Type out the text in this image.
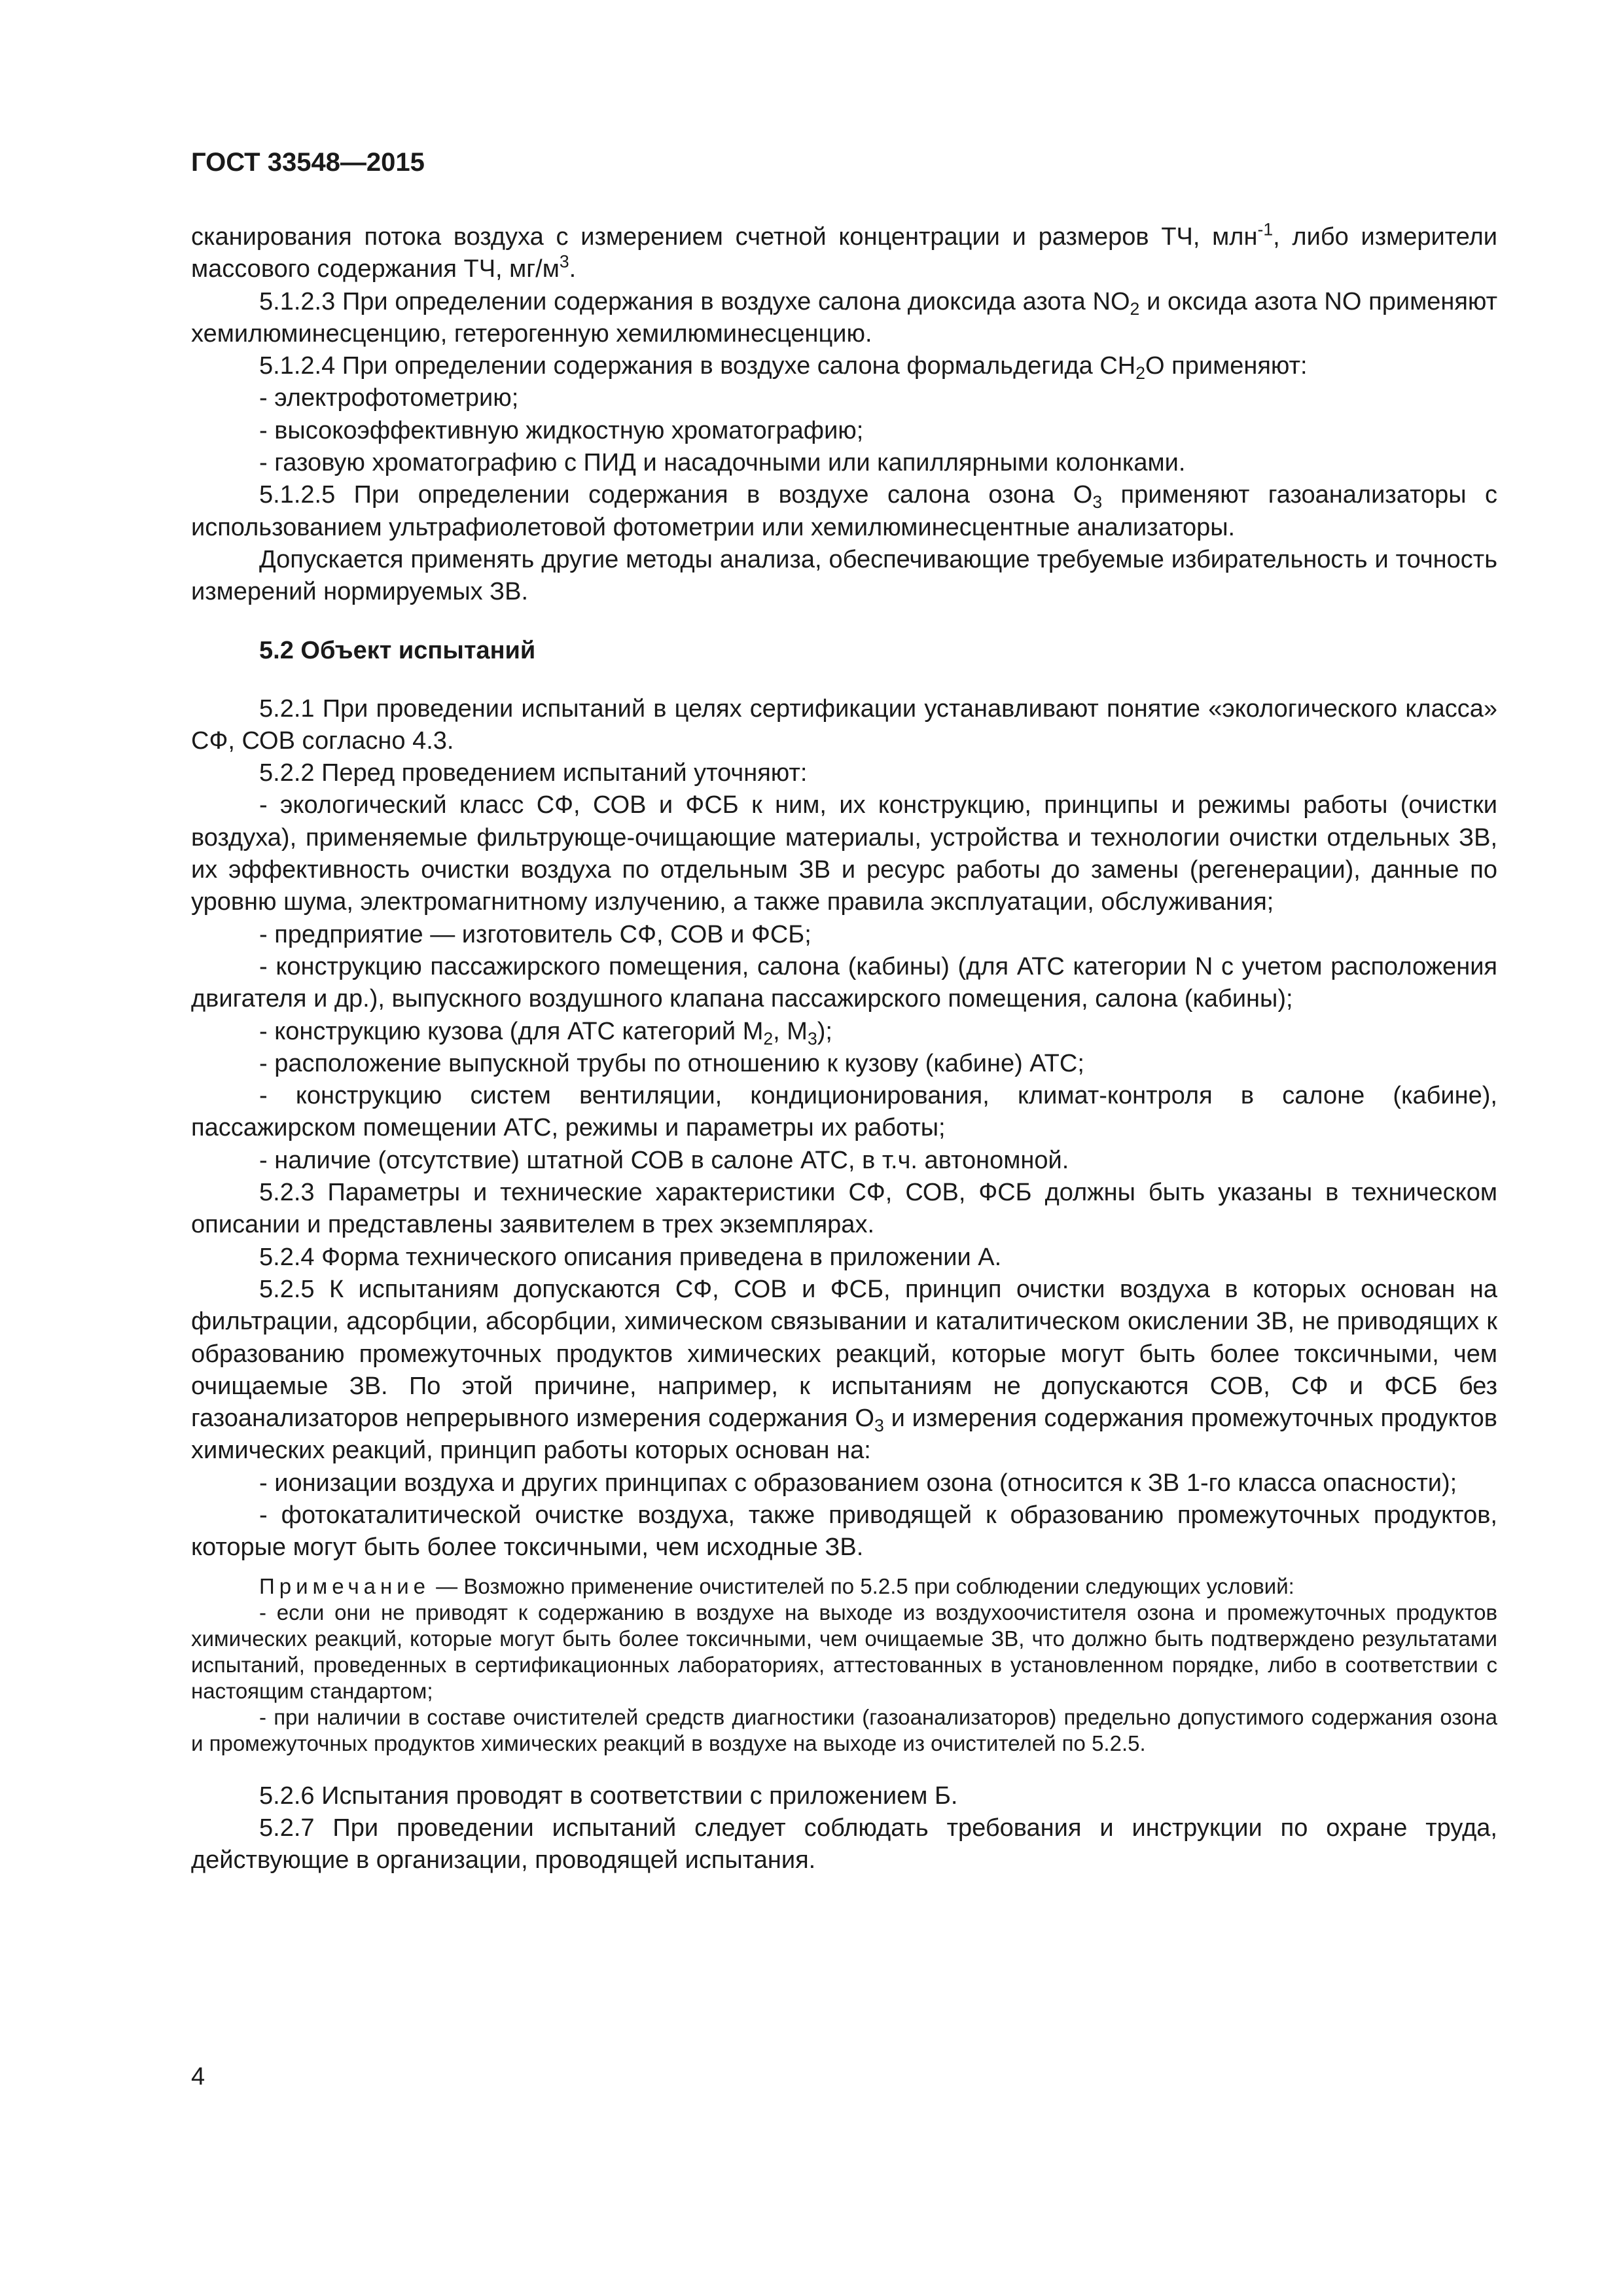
ГОСТ 33548—2015

сканирования потока воздуха с измерением счетной концентрации и размеров ТЧ, млн$^{-1}$, либо измерители массового содержания ТЧ, $мг/м^3$.

5.1.2.3 При определении содержания в воздухе салона диоксида азота $NO_2$ и оксида азота NO применяют хемилюминесценцию, гетерогенную хемилюминесценцию.

5.1.2.4 При определении содержания в воздухе салона формальдегида $CH_2O$ применяют:

- электрофотометрию;

- высокоэффективную жидкостную хроматографию;

- газовую хроматографию с ПИД и насадочными или капиллярными колонками.

5.1.2.5 При определении содержания в воздухе салона озона $O_3$ применяют газоанализаторы с использованием ультрафиолетовой фотометрии или хемилюминесцентные анализаторы.

Допускается применять другие методы анализа, обеспечивающие требуемые избирательность и точность измерений нормируемых ЗВ.

5.2 Объект испытаний

5.2.1 При проведении испытаний в целях сертификации устанавливают понятие «экологического класса» СФ, СОВ согласно 4.3.

5.2.2 Перед проведением испытаний уточняют:

- экологический класс СФ, СОВ и ФСБ к ним, их конструкцию, принципы и режимы работы (очистки воздуха), применяемые фильтрующе-очищающие материалы, устройства и технологии очистки отдельных ЗВ, их эффективность очистки воздуха по отдельным ЗВ и ресурс работы до замены (регенерации), данные по уровню шума, электромагнитному излучению, а также правила эксплуатации, обслуживания;

- предприятие — изготовитель СФ, СОВ и ФСБ;

- конструкцию пассажирского помещения, салона (кабины) (для АТС категории N с учетом расположения двигателя и др.), выпускного воздушного клапана пассажирского помещения, салона (кабины);

- конструкцию кузова (для АТС категорий $M_2$, $M_3$);

- расположение выпускной трубы по отношению к кузову (кабине) АТС;

- конструкцию систем вентиляции, кондиционирования, климат-контроля в салоне (кабине), пассажирском помещении АТС, режимы и параметры их работы;

- наличие (отсутствие) штатной СОВ в салоне АТС, в т.ч. автономной.

5.2.3 Параметры и технические характеристики СФ, СОВ, ФСБ должны быть указаны в техническом описании и представлены заявителем в трех экземплярах.

5.2.4 Форма технического описания приведена в приложении А.

5.2.5 К испытаниям допускаются СФ, СОВ и ФСБ, принцип очистки воздуха в которых основан на фильтрации, адсорбции, абсорбции, химическом связывании и каталитическом окислении ЗВ, не приводящих к образованию промежуточных продуктов химических реакций, которые могут быть более токсичными, чем очищаемые ЗВ. По этой причине, например, к испытаниям не допускаются СОВ, СФ и ФСБ без газоанализаторов непрерывного измерения содержания $O_3$ и измерения содержания промежуточных продуктов химических реакций, принцип работы которых основан на:

- ионизации воздуха и других принципах с образованием озона (относится к ЗВ 1-го класса опасности);

- фотокаталитической очистке воздуха, также приводящей к образованию промежуточных продуктов, которые могут быть более токсичными, чем исходные ЗВ.

Примечание — Возможно применение очистителей по 5.2.5 при соблюдении следующих условий:

- если они не приводят к содержанию в воздухе на выходе из воздухоочистителя озона и промежуточных продуктов химических реакций, которые могут быть более токсичными, чем очищаемые ЗВ, что должно быть подтверждено результатами испытаний, проведенных в сертификационных лабораториях, аттестованных в установленном порядке, либо в соответствии с настоящим стандартом;

- при наличии в составе очистителей средств диагностики (газоанализаторов) предельно допустимого содержания озона и промежуточных продуктов химических реакций в воздухе на выходе из очистителей по 5.2.5.

5.2.6 Испытания проводят в соответствии с приложением Б.

5.2.7 При проведении испытаний следует соблюдать требования и инструкции по охране труда, действующие в организации, проводящей испытания.

4
